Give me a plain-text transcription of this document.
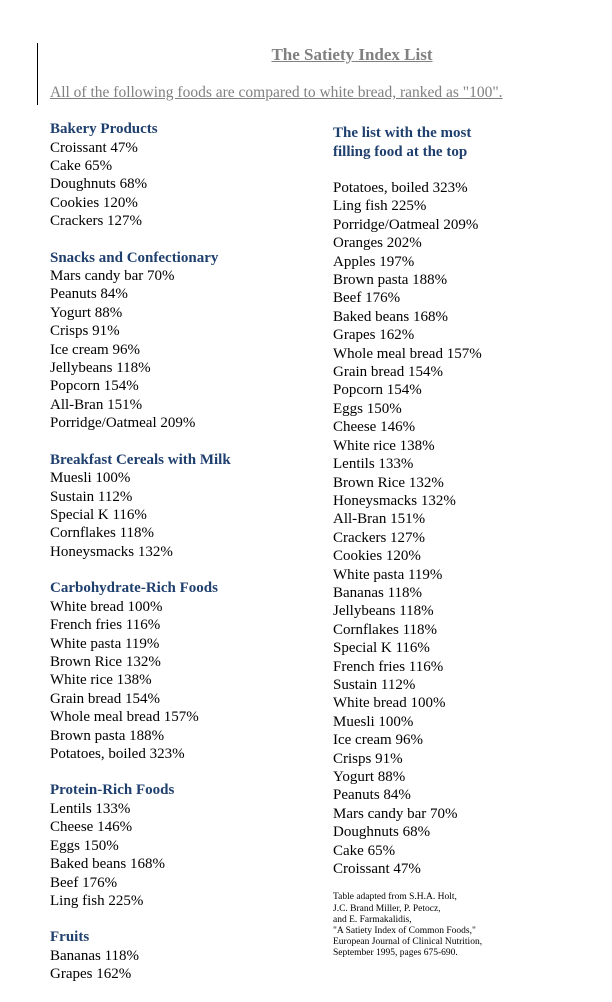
The Satiety Index List
All of the following foods are compared to white bread, ranked as "100".
Bakery Products
Croissant 47%
Cake 65%
Doughnuts 68%
Cookies 120%
Crackers 127%
Snacks and Confectionary
Mars candy bar 70%
Peanuts 84%
Yogurt 88%
Crisps 91%
Ice cream 96%
Jellybeans 118%
Popcorn 154%
All-Bran 151%
Porridge/Oatmeal 209%
Breakfast Cereals with Milk
Muesli 100%
Sustain 112%
Special K 116%
Cornflakes 118%
Honeysmacks 132%
Carbohydrate-Rich Foods
White bread 100%
French fries 116%
White pasta 119%
Brown Rice 132%
White rice 138%
Grain bread 154%
Whole meal bread 157%
Brown pasta 188%
Potatoes, boiled 323%
Protein-Rich Foods
Lentils 133%
Cheese 146%
Eggs 150%
Baked beans 168%
Beef 176%
Ling fish 225%
Fruits
Bananas 118%
Grapes 162%
The list with the most
filling food at the top
Potatoes, boiled 323%
Ling fish 225%
Porridge/Oatmeal 209%
Oranges 202%
Apples 197%
Brown pasta 188%
Beef 176%
Baked beans 168%
Grapes 162%
Whole meal bread 157%
Grain bread 154%
Popcorn 154%
Eggs 150%
Cheese 146%
White rice 138%
Lentils 133%
Brown Rice 132%
Honeysmacks 132%
All-Bran 151%
Crackers 127%
Cookies 120%
White pasta 119%
Bananas 118%
Jellybeans 118%
Cornflakes 118%
Special K 116%
French fries 116%
Sustain 112%
White bread 100%
Muesli 100%
Ice cream 96%
Crisps 91%
Yogurt 88%
Peanuts 84%
Mars candy bar 70%
Doughnuts 68%
Cake 65%
Croissant 47%
Table adapted from S.H.A. Holt,
J.C. Brand Miller, P. Petocz,
and E. Farmakalidis,
"A Satiety Index of Common Foods,"
European Journal of Clinical Nutrition,
September 1995, pages 675-690.
